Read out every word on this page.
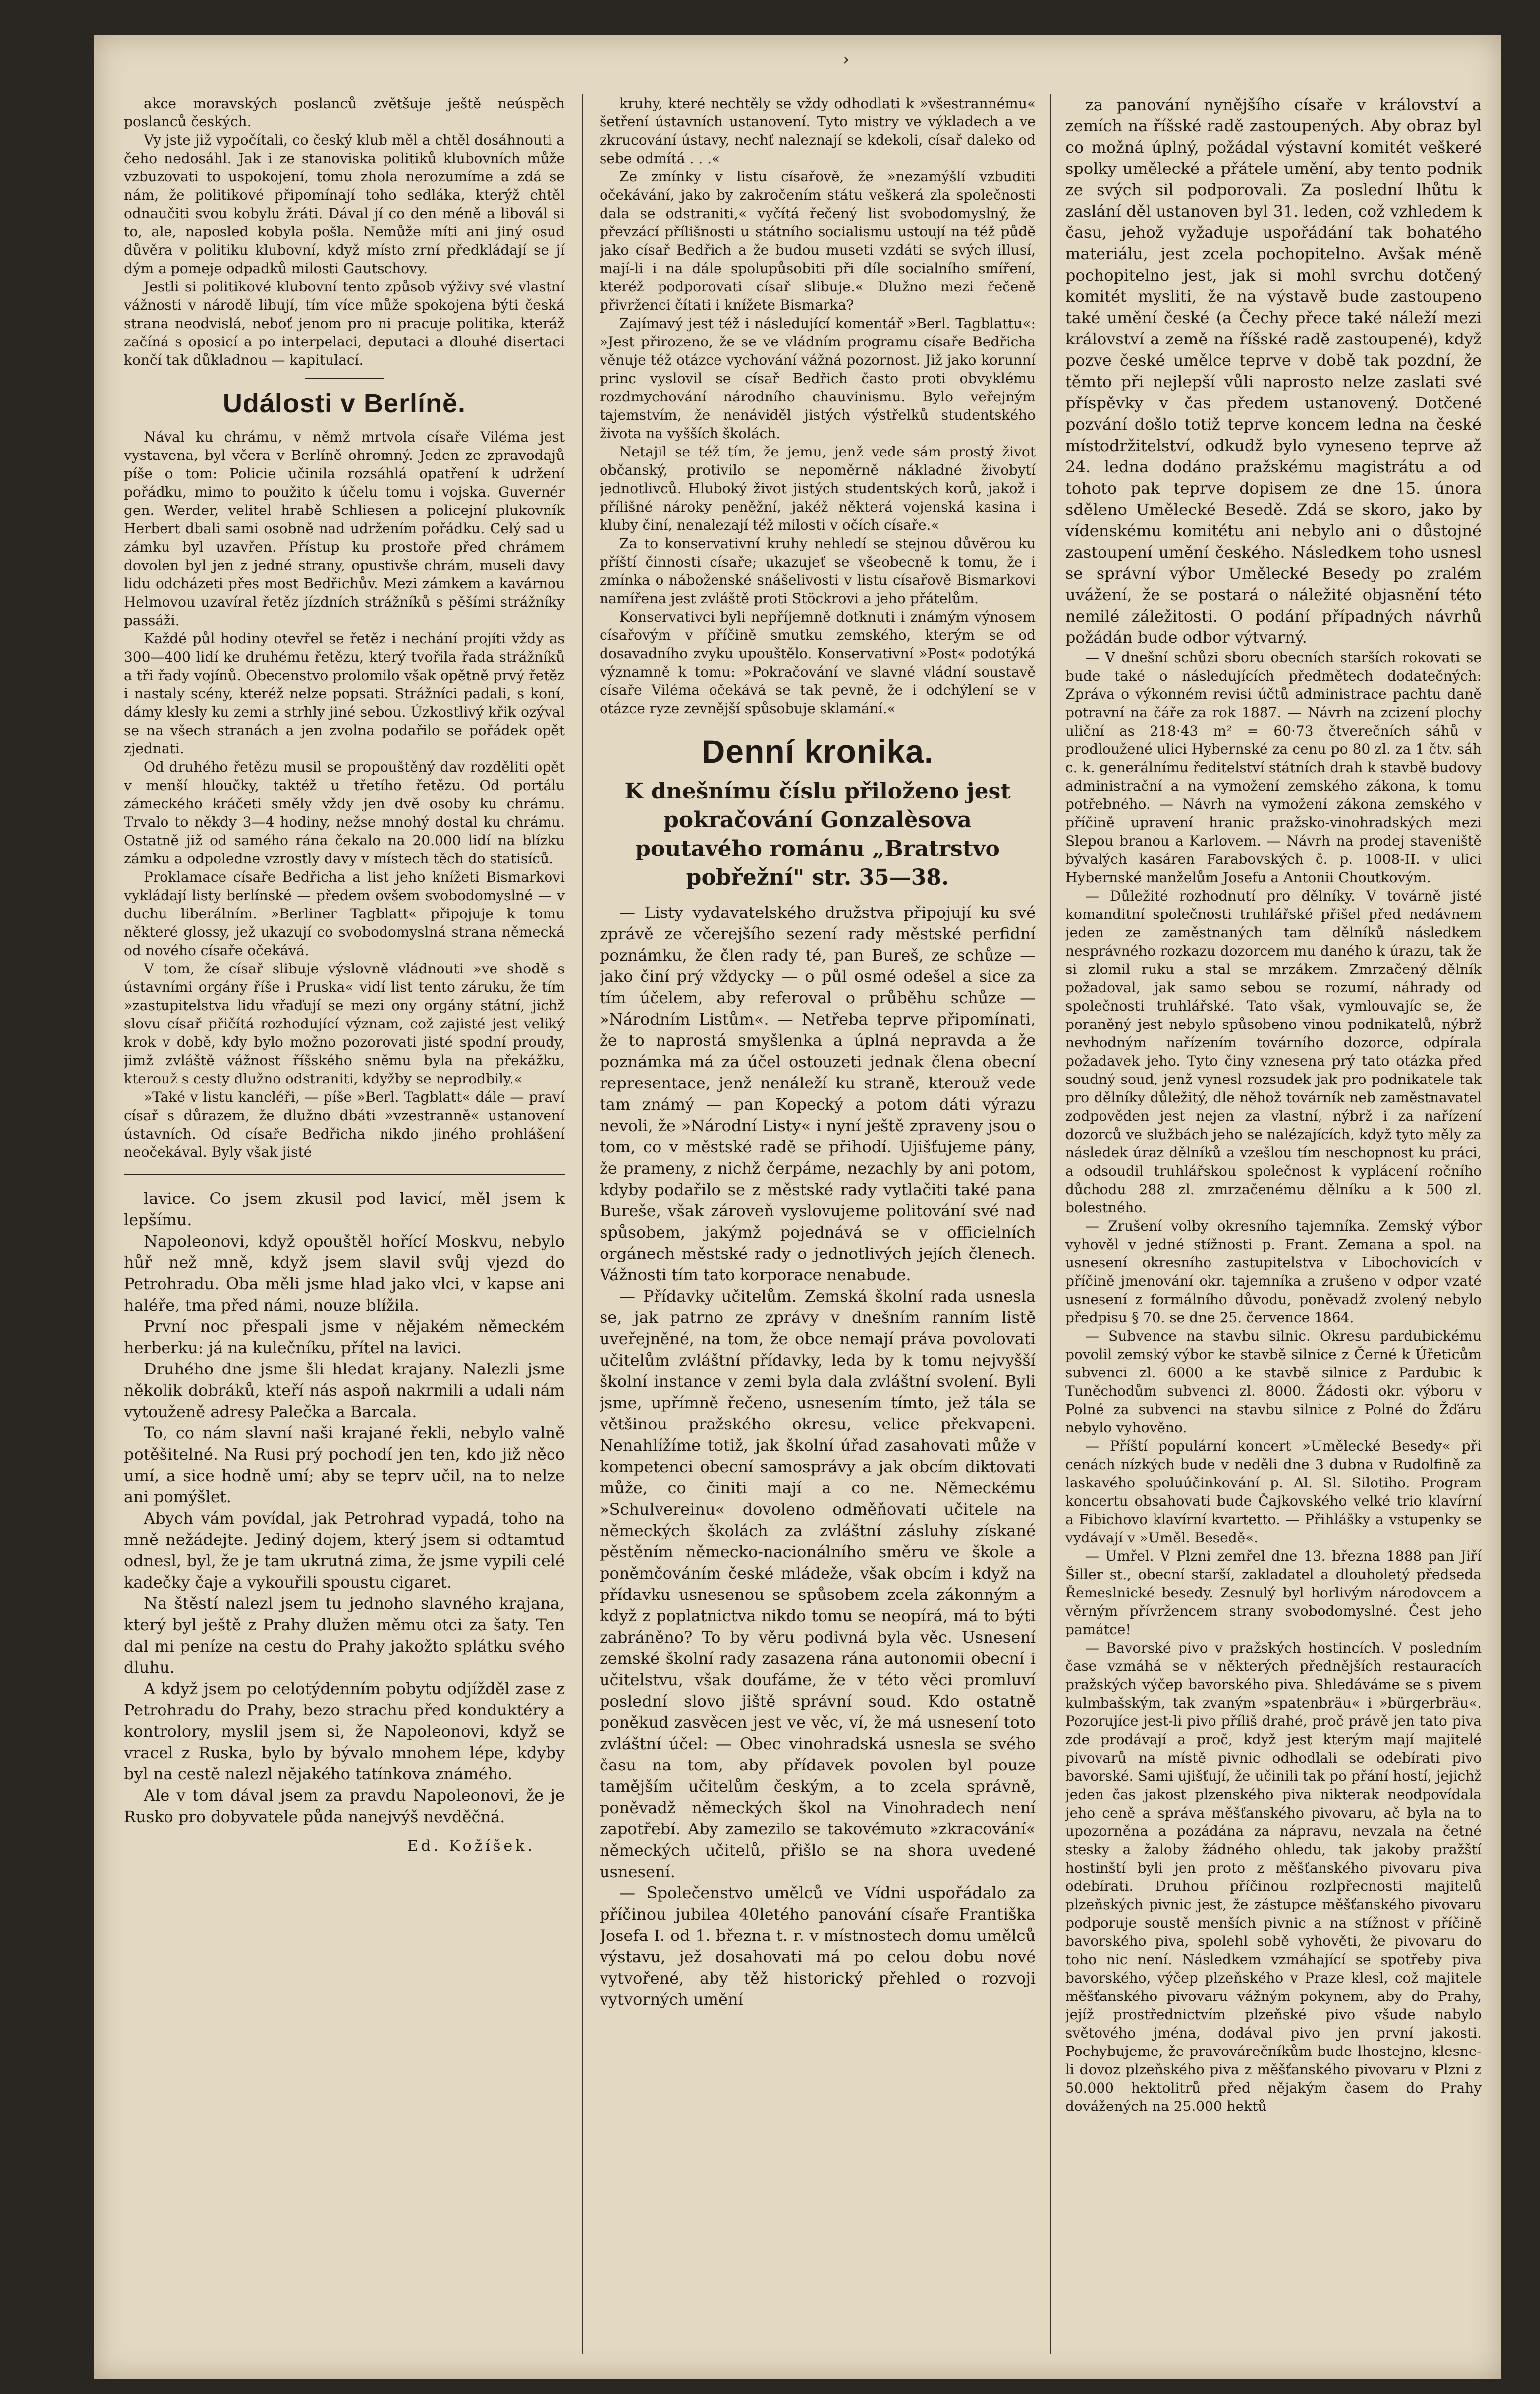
›

akce moravských poslanců zvětšuje ještě neúspěch poslanců českých.

Vy jste již vypočítali, co český klub měl a chtěl dosáhnouti a čeho nedosáhl. Jak i ze stanoviska politiků klubovních může vzbuzovati to uspokojení, tomu zhola nerozumíme a zdá se nám, že politikové připomínají toho sedláka, kterýž chtěl odnaučiti svou kobylu žráti. Dával jí co den méně a libovál si to, ale, naposled kobyla pošla. Nemůže míti ani jiný osud důvěra v politiku klubovní, když místo zrní předkládají se jí dým a pomeje odpadků milosti Gautschovy.

Jestli si politikové klubovní tento způsob výživy své vlastní vážnosti v národě libují, tím více může spokojena býti česká strana neodvislá, neboť jenom pro ni pracuje politika, kteráž začíná s oposicí a po interpelaci, deputaci a dlouhé disertaci končí tak důkladnou — kapitulací.

Události v Berlíně.

Nával ku chrámu, v němž mrtvola císaře Viléma jest vystavena, byl včera v Berlíně ohromný. Jeden ze zpravodajů píše o tom: Policie učinila rozsáhlá opatření k udržení pořádku, mimo to použito k účelu tomu i vojska. Guvernér gen. Werder, velitel hrabě Schliesen a policejní plukovník Herbert dbali sami osobně nad udržením pořádku. Celý sad u zámku byl uzavřen. Přístup ku prostoře před chrámem dovolen byl jen z jedné strany, opustivše chrám, museli davy lidu odcházeti přes most Bedřichův. Mezi zámkem a kavárnou Helmovou uzavíral řetěz jízdních strážníků s pěšími strážníky passáži.

Každé půl hodiny otevřel se řetěz i nechání projíti vždy as 300—400 lidí ke druhému řetězu, který tvořila řada strážníků a tři řady vojínů. Obecenstvo prolomilo však opětně prvý řetěz i nastaly scény, kteréž nelze popsati. Strážníci padali, s koní, dámy klesly ku zemi a strhly jiné sebou. Úzkostlivý křik ozýval se na všech stranách a jen zvolna podařilo se pořádek opět zjednati.

Od druhého řetězu musil se propouštěný dav rozděliti opět v menší hloučky, taktéž u třetího řetězu. Od portálu zámeckého kráčeti směly vždy jen dvě osoby ku chrámu. Trvalo to někdy 3—4 hodiny, nežse mnohý dostal ku chrámu. Ostatně již od samého rána čekalo na 20.000 lidí na blízku zámku a odpoledne vzrostly davy v místech těch do statisíců.

Proklamace císaře Bedřicha a list jeho knížeti Bismarkovi vykládají listy berlínské — předem ovšem svobodomyslné — v duchu liberálním. »Berliner Tagblatt« připojuje k tomu některé glossy, jež ukazují co svobodomyslná strana německá od nového císaře očekává.

V tom, že císař slibuje výslovně vládnouti »ve shodě s ústavními orgány říše i Pruska« vidí list tento záruku, že tím »zastupitelstva lidu vřaďují se mezi ony orgány státní, jichž slovu císař přičítá rozhodující význam, což zajisté jest veliký krok v době, kdy bylo možno pozorovati jisté spodní proudy, jimž zvláště vážnost říšského sněmu byla na překážku, kterouž s cesty dlužno odstraniti, kdyžby se neprodbily.«

»Také v listu kancléři, — píše »Berl. Tagblatt« dále — praví císař s důrazem, že dlužno dbáti »vzestranně« ustanovení ústavních. Od císaře Bedřicha nikdo jiného prohlášení neočekával. Byly však jisté

lavice. Co jsem zkusil pod lavicí, měl jsem k lepšímu.

Napoleonovi, když opouštěl hořící Moskvu, nebylo hůř než mně, když jsem slavil svůj vjezd do Petrohradu. Oba měli jsme hlad jako vlci, v kapse ani haléře, tma před námi, nouze blížila.

První noc přespali jsme v nějakém německém herberku: já na kulečníku, přítel na lavici.

Druhého dne jsme šli hledat krajany. Nalezli jsme několik dobráků, kteří nás aspoň nakrmili a udali nám vytouženě adresy Palečka a Barcala.

To, co nám slavní naši krajané řekli, nebylo valně potěšitelné. Na Rusi prý pochodí jen ten, kdo již něco umí, a sice hodně umí; aby se teprv učil, na to nelze ani pomýšlet.

Abych vám povídal, jak Petrohrad vypadá, toho na mně nežádejte. Jediný dojem, který jsem si odtamtud odnesl, byl, že je tam ukrutná zima, že jsme vypili celé kadečky čaje a vykouřili spoustu cigaret.

Na štěstí nalezl jsem tu jednoho slavného krajana, který byl ještě z Prahy dlužen měmu otci za šaty. Ten dal mi peníze na cestu do Prahy jakožto splátku svého dluhu.

A když jsem po celotýdenním pobytu odjížděl zase z Petrohradu do Prahy, bezo strachu před konduktéry a kontrolory, myslil jsem si, že Napoleonovi, když se vracel z Ruska, bylo by bývalo mnohem lépe, kdyby byl na cestě nalezl nějakého tatínkova známého.

Ale v tom dával jsem za pravdu Napoleonovi, že je Rusko pro dobyvatele půda nanejvýš nevděčná.

Ed. Kožíšek.

kruhy, které nechtěly se vždy odhodlati k »všestrannému« šetření ústavních ustanovení. Tyto mistry ve výkladech a ve zkrucování ústavy, nechť naleznají se kdekoli, císař daleko od sebe odmítá . . .«

Ze zmínky v listu císařově, že »nezamýšlí vzbuditi očekávání, jako by zakročením státu veškerá zla společnosti dala se odstraniti,« vyčítá řečený list svobodomyslný, že převzácí přílišnosti u státního socialismu ustoují na též půdě jako císař Bedřich a že budou museti vzdáti se svých illusí, mají-li i na dále spolupůsobiti při díle socialního smíření, kteréž podporovati císař slibuje.« Dlužno mezi řečeně přivrženci čítati i knížete Bismarka?

Zajímavý jest též i následující komentář »Berl. Tagblattu«: »Jest přirozeno, že se ve vládním programu císaře Bedřicha věnuje též otázce vychování vážná pozornost. Již jako korunní princ vyslovil se císař Bedřich často proti obvyklému rozdmychování národního chauvinismu. Bylo veřejným tajemstvím, že nenáviděl jistých výstřelků studentského života na vyšších školách.

Netajil se též tím, že jemu, jenž vede sám prostý život občanský, protivilo se nepoměrně nákladné živobytí jednotlivců. Hluboký život jistých studentských korů, jakož i přílišné nároky peněžní, jakéž některá vojenská kasina i kluby činí, nenalezají též milosti v očích císaře.«

Za to konservativní kruhy nehledí se stejnou důvěrou ku příští činnosti císaře; ukazujeť se všeobecně k tomu, že i zmínka o náboženské snášelivosti v listu císařově Bismarkovi namířena jest zvláště proti Stöckrovi a jeho přátelům.

Konservativci byli nepříjemně dotknuti i známým výnosem císařovým v příčině smutku zemského, kterým se od dosavadního zvyku upouštělo. Konservativní »Post« podotýká významně k tomu: »Pokračování ve slavné vládní soustavě císaře Viléma očekává se tak pevně, že i odchýlení se v otázce ryze zevnější spůsobuje sklamání.«

Denní kronika.
K dnešnímu číslu přiloženo jest pokračování Gonzalèsova poutavého románu „Bratrstvo pobřežní" str. 35—38.

— Listy vydavatelského družstva připojují ku své zprávě ze včerejšího sezení rady městské perfidní poznámku, že člen rady té, pan Bureš, ze schůze — jako činí prý vždycky — o půl osmé odešel a sice za tím účelem, aby referoval o průběhu schůze — »Národním Listům«. — Netřeba teprve připomínati, že to naprostá smyšlenka a úplná nepravda a že poznámka má za účel ostouzeti jednak člena obecní representace, jenž nenáleží ku straně, kterouž vede tam známý — pan Kopecký a potom dáti výrazu nevoli, že »Národní Listy« i nyní ještě zpraveny jsou o tom, co v městské radě se přihodí. Ujišťujeme pány, že prameny, z nichž čerpáme, nezachly by ani potom, kdyby podařilo se z městské rady vytlačiti také pana Bureše, však zároveň vyslovujeme politování své nad spůsobem, jakýmž pojednává se v officielních orgánech městské rady o jednotlivých jejích členech. Vážnosti tím tato korporace nenabude.

— Přídavky učitelům. Zemská školní rada usnesla se, jak patrno ze zprávy v dnešním ranním listě uveřejněné, na tom, že obce nemají práva povolovati učitelům zvláštní přídavky, leda by k tomu nejvyšší školní instance v zemi byla dala zvláštní svolení. Byli jsme, upřímně řečeno, usnesením tímto, jež tála se většinou pražského okresu, velice překvapeni. Nenahlížíme totiž, jak školní úřad zasahovati může v kompetenci obecní samosprávy a jak obcím diktovati může, co činiti mají a co ne. Německému »Schulvereinu« dovoleno odměňovati učitele na německých školách za zvláštní zásluhy získané pěstěním německo-nacionálního směru ve škole a poněmčováním české mládeže, však obcím i když na přídavku usnesenou se spůsobem zcela zákonným a když z poplatnictva nikdo tomu se neopírá, má to býti zabráněno? To by věru podivná byla věc. Usnesení zemské školní rady zasazena rána autonomii obecní i učitelstvu, však doufáme, že v této věci promluví poslední slovo jiště správní soud. Kdo ostatně poněkud zasvěcen jest ve věc, ví, že má usnesení toto zvláštní účel: — Obec vinohradská usnesla se svého času na tom, aby přídavek povolen byl pouze tamějším učitelům českým, a to zcela správně, poněvadž německých škol na Vinohradech není zapotřebí. Aby zamezilo se takovémuto »zkracování« německých učitelů, přišlo se na shora uvedené usnesení.

— Společenstvo umělců ve Vídni uspořádalo za příčinou jubilea 40letého panování císaře Františka Josefa I. od 1. března t. r. v místnostech domu umělců výstavu, jež dosahovati má po celou dobu nové vytvořené, aby těž historický přehled o rozvoji vytvorných umění

za panování nynějšího císaře v království a zemích na říšské radě zastoupených. Aby obraz byl co možná úplný, požádal výstavní komitét veškeré spolky umělecké a přátele umění, aby tento podnik ze svých sil podporovali. Za poslední lhůtu k zaslání děl ustanoven byl 31. leden, což vzhledem k času, jehož vyžaduje uspořádání tak bohatého materiálu, jest zcela pochopitelno. Avšak méně pochopitelno jest, jak si mohl svrchu dotčený komitét mysliti, že na výstavě bude zastoupeno také umění české (a Čechy přece také náleží mezi království a země na říšské radě zastoupené), když pozve české umělce teprve v době tak pozdní, že těmto při nejlepší vůli naprosto nelze zaslati své příspěvky v čas předem ustanovený. Dotčené pozvání došlo totiž teprve koncem ledna na české místodržitelství, odkudž bylo vyneseno teprve až 24. ledna dodáno pražskému magistrátu a od tohoto pak teprve dopisem ze dne 15. února sděleno Umělecké Besedě. Zdá se skoro, jako by vídenskému komitétu ani nebylo ani o důstojné zastoupení umění českého. Následkem toho usnesl se správní výbor Umělecké Besedy po zralém uvážení, že se postará o náležité objasnění této nemilé záležitosti. O podání případných návrhů požádán bude odbor výtvarný.

— V dnešní schůzi sboru obecních starších rokovati se bude také o následujících předmětech dodatečných: Zpráva o výkonném revisi účtů administrace pachtu daně potravní na čáře za rok 1887. — Návrh na zcizení plochy uliční as 218·43 m² = 60·73 čtverečních sáhů v prodloužené ulici Hybernské za cenu po 80 zl. za 1 čtv. sáh c. k. generálnímu ředitelství státních drah k stavbě budovy administrační a na vymožení zemského zákona, k tomu potřebného. — Návrh na vymožení zákona zemského v příčině upravení hranic pražsko-vinohradských mezi Slepou branou a Karlovem. — Návrh na prodej staveniště bývalých kasáren Farabovských č. p. 1008-II. v ulici Hybernské manželům Josefu a Antonii Choutkovým.

— Důležité rozhodnutí pro dělníky. V továrně jisté komanditní společnosti truhlářské přišel před nedávnem jeden ze zaměstnaných tam dělníků následkem nesprávného rozkazu dozorcem mu daného k úrazu, tak že si zlomil ruku a stal se mrzákem. Zmrzačený dělník požadoval, jak samo sebou se rozumí, náhrady od společnosti truhlářské. Tato však, vymlouvajíc se, že poraněný jest nebylo spůsobeno vinou podnikatelů, nýbrž nevhodným nařízením továrního dozorce, odpírala požadavek jeho. Tyto činy vznesena prý tato otázka před soudný soud, jenž vynesl rozsudek jak pro podnikatele tak pro dělníky důležitý, dle něhož továrník neb zaměstnavatel zodpověden jest nejen za vlastní, nýbrž i za nařízení dozorců ve službách jeho se nalézajících, když tyto měly za následek úraz dělníků a vzešlou tím neschopnost ku práci, a odsoudil truhlářskou společnost k vyplácení ročního důchodu 288 zl. zmrzačenému dělníku a k 500 zl. bolestného.

— Zrušení volby okresního tajemníka. Zemský výbor vyhověl v jedné stížnosti p. Frant. Zemana a spol. na usnesení okresního zastupitelstva v Libochovicích v příčině jmenování okr. tajemníka a zrušeno v odpor vzaté usnesení z formálního důvodu, poněvadž zvolený nebylo předpisu § 70. se dne 25. července 1864.

— Subvence na stavbu silnic. Okresu pardubickému povolil zemský výbor ke stavbě silnice z Černé k Úřeticům subvenci zl. 6000 a ke stavbě silnice z Pardubic k Tuněchodům subvenci zl. 8000. Žádosti okr. výboru v Polné za subvenci na stavbu silnice z Polné do Žďáru nebylo vyhověno.

— Příští populární koncert »Umělecké Besedy« při cenách nízkých bude v neděli dne 3 dubna v Rudolfině za laskavého spoluúčinkování p. Al. Sl. Silotiho. Program koncertu obsahovati bude Čajkovského velké trio klavírní a Fibichovo klavírní kvartetto. — Přihlášky a vstupenky se vydávají v »Uměl. Besedě«.

— Umřel. V Plzni zemřel dne 13. března 1888 pan Jiří Šiller st., obecní starší, zakladatel a dlouholetý předseda Řemeslnické besedy. Zesnulý byl horlivým národovcem a věrným přívržencem strany svobodomyslné. Čest jeho památce!

— Bavorské pivo v pražských hostincích. V posledním čase vzmáhá se v některých přednějších restauracích pražských výčep bavorského piva. Shledáváme se s pivem kulmbašským, tak zvaným »spatenbräu« i »bürgerbräu«. Pozorujíce jest-li pivo příliš drahé, proč právě jen tato piva zde prodávají a proč, když jest kterým mají majitelé pivovarů na místě pivnic odhodlali se odebírati pivo bavorské. Sami ujišťují, že učinili tak po přání hostí, jejichž jeden čas jakost plzenského piva nikterak neodpovídala jeho ceně a správa měšťanského pivovaru, ač byla na to upozorněna a pozádána za nápravu, nevzala na četné stesky a žaloby žádného ohledu, tak jakoby pražští hostinští byli jen proto z měšťanského pivovaru piva odebírati. Druhou příčinou rozlpřecnosti majitelů plzeňských pivnic jest, že zástupce měšťanského pivovaru podporuje soustě menších pivnic a na stížnost v příčině bavorského piva, spolehl sobě vyhověti, že pivovaru do toho nic není. Následkem vzmáhající se spotřeby piva bavorského, výčep plzeňského v Praze klesl, což majitele měšťanského pivovaru vážným pokynem, aby do Prahy, jejíž prostřednictvím plzeňské pivo všude nabylo světového jména, dodával pivo jen první jakosti. Pochybujeme, že pravovárečníkům bude lhostejno, klesne-li dovoz plzeňského piva z měšťanského pivovaru v Plzni z 50.000 hektolitrů před nějakým časem do Prahy dovážených na 25.000 hektů
